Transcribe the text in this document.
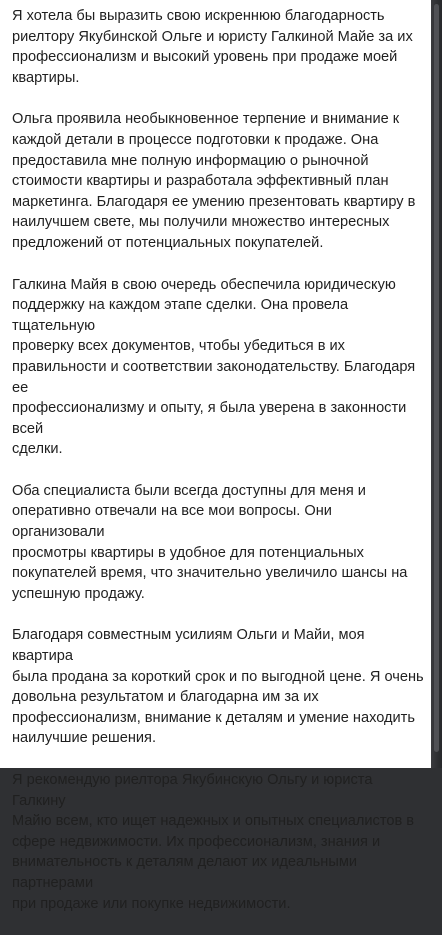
Я хотела бы выразить свою искреннюю благодарность
риелтору Якубинской Ольге и юристу Галкиной Майе за их
профессионализм и высокий уровень при продаже моей
квартиры.

Ольга проявила необыкновенное терпение и внимание к
каждой детали в процессе подготовки к продаже. Она
предоставила мне полную информацию о рыночной
стоимости квартиры и разработала эффективный план
маркетинга. Благодаря ее умению презентовать квартиру в
наилучшем свете, мы получили множество интересных
предложений от потенциальных покупателей.

Галкина Майя в свою очередь обеспечила юридическую
поддержку на каждом этапе сделки. Она провела тщательную
проверку всех документов, чтобы убедиться в их
правильности и соответствии законодательству. Благодаря ее
профессионализму и опыту, я была уверена в законности всей
сделки.

Оба специалиста были всегда доступны для меня и
оперативно отвечали на все мои вопросы. Они организовали
просмотры квартиры в удобное для потенциальных
покупателей время, что значительно увеличило шансы на
успешную продажу.

Благодаря совместным усилиям Ольги и Майи, моя квартира
была продана за короткий срок и по выгодной цене. Я очень
довольна результатом и благодарна им за их
профессионализм, внимание к деталям и умение находить
наилучшие решения.

Я рекомендую риелтора Якубинскую Ольгу и юриста Галкину
Майю всем, кто ищет надежных и опытных специалистов в
сфере недвижимости. Их профессионализм, знания и
внимательность к деталям делают их идеальными партнерами
при продаже или покупке недвижимости.
